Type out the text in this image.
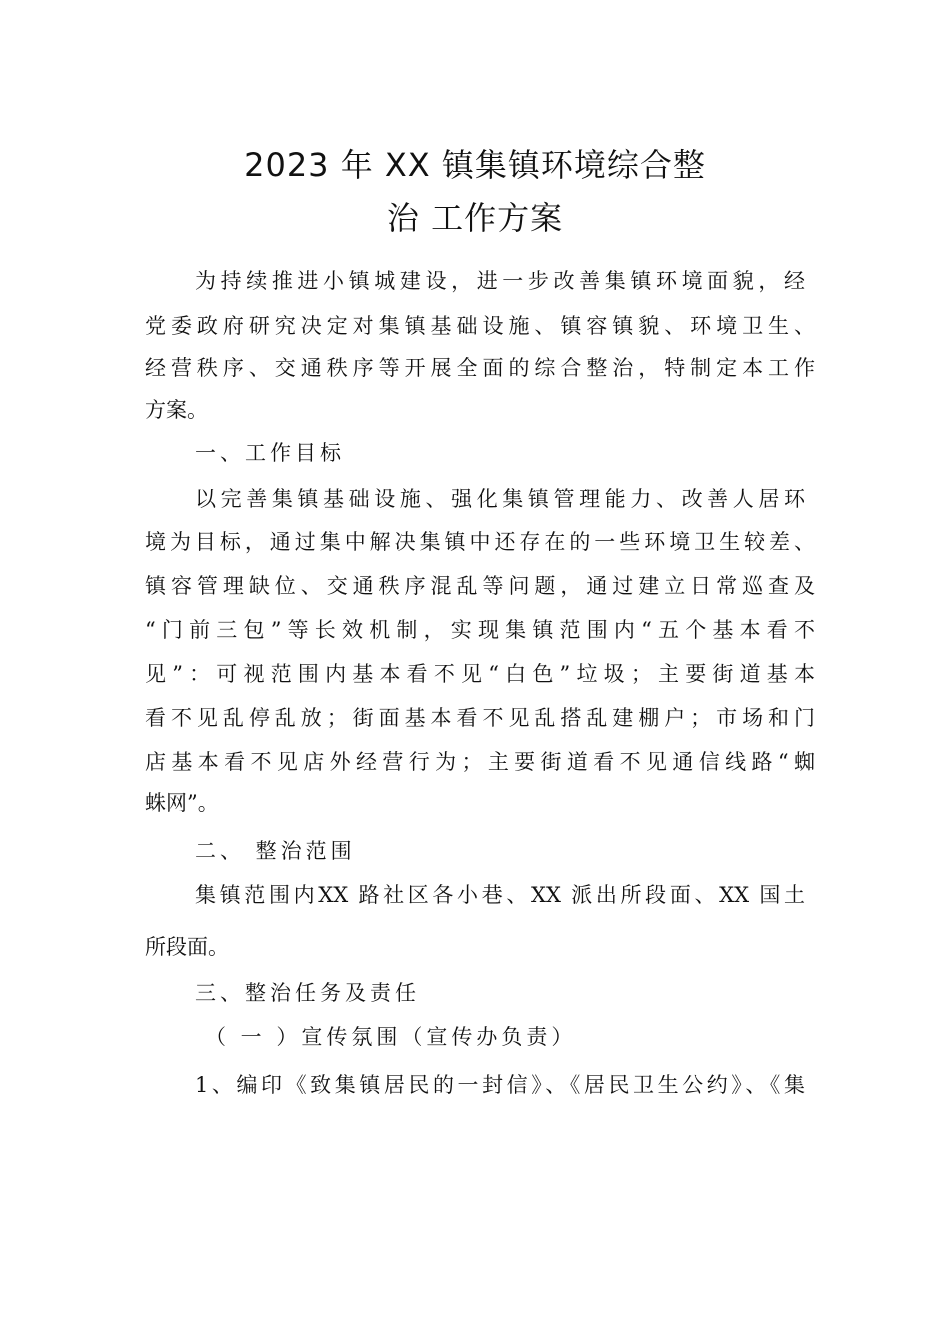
2023 年 XX 镇集镇环境综合整
治 工作方案
为持续推进小镇城建设，进一步改善集镇环境面貌，经
党委政府研究决定对集镇基础设施、镇容镇貌、环境卫生、
经营秩序、交通秩序等开展全面的综合整治，特制定本工作
方案。
一、工作目标
以完善集镇基础设施、强化集镇管理能力、改善人居环
境为目标，通过集中解决集镇中还存在的一些环境卫生较差、
镇容管理缺位、交通秩序混乱等问题，通过建立日常巡查及
“门前三包”等长效机制，实现集镇范围内“五个基本看不
见”：可视范围内基本看不见“白色”垃圾；主要街道基本
看不见乱停乱放；街面基本看不见乱搭乱建棚户；市场和门
店基本看不见店外经营行为；主要街道看不见通信线路“蜘
蛛网”。
二、 整治范围
集镇范围内XX 路社区各小巷、XX 派出所段面、XX 国土
所段面。
三、整治任务及责任
（ 一 ）宣传氛围（宣传办负责）
1、编印《致集镇居民的一封信》、《居民卫生公约》、《集
